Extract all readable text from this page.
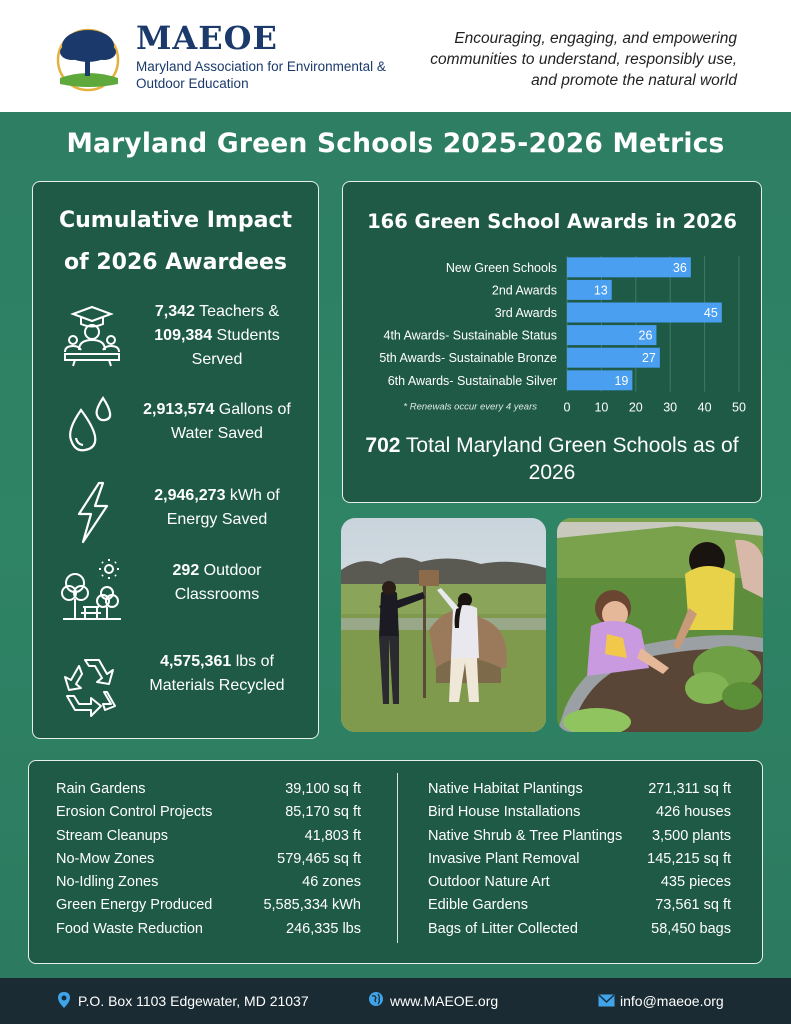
MAEOE
Maryland Association for Environmental & Outdoor Education
Encouraging, engaging, and empowering communities to understand, responsibly use, and promote the natural world
Maryland Green Schools 2025-2026 Metrics
Cumulative Impact of 2026 Awardees
7,342 Teachers & 109,384 Students Served
2,913,574 Gallons of Water Saved
2,946,273 kWh of Energy Saved
292 Outdoor Classrooms
4,575,361 lbs of Materials Recycled
166 Green School Awards in 2026
New Green Schools	36
2nd Awards	13
3rd Awards	45
4th Awards- Sustainable Status	26
5th Awards- Sustainable Bronze	27
6th Awards- Sustainable Silver	19
0 10 20 30 40 50
* Renewals occur every 4 years
702 Total Maryland Green Schools as of 2026
Rain Gardens	39,100 sq ft
Erosion Control Projects	85,170 sq ft
Stream Cleanups	41,803 ft
No-Mow Zones	579,465 sq ft
No-Idling Zones	46 zones
Green Energy Produced	5,585,334 kWh
Food Waste Reduction	246,335 lbs
Native Habitat Plantings	271,311 sq ft
Bird House Installations	426 houses
Native Shrub & Tree Plantings 3,500 plants
Invasive Plant Removal	145,215 sq ft
Outdoor Nature Art	435 pieces
Edible Gardens	73,561 sq ft
Bags of Litter Collected	58,450 bags
P.O. Box 1103 Edgewater, MD 21037	www.MAEOE.org	info@maeoe.org
